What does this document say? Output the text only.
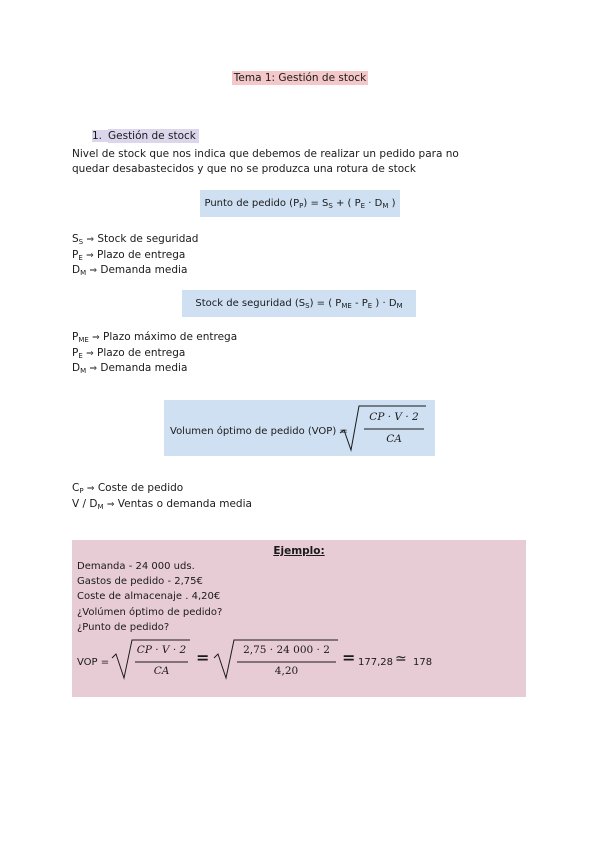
Tema 1: Gestión de stock
1. Gestión de stock
Nivel de stock que nos indica que debemos de realizar un pedido para no quedar desabastecidos y que no se produzca una rotura de stock
Punto de pedido $(P_P) = S_S$ + ( $P_E \cdot D_M$ )
$S_S$ ⇒ Stock de seguridad
$P_E$ ⇒ Plazo de entrega
$D_M$ ⇒ Demanda media
Stock de seguridad $(S_S)$ = ( $P_{ME} - P_E$ ) · $D_M$
$P_{ME}$ ⇒ Plazo máximo de entrega
$P_E$ ⇒ Plazo de entrega
$D_M$ ⇒ Demanda media
Volumen óptimo de pedido (VOP) =
CP · V · 2
CA
$C_P$ ⇒ Coste de pedido
V / $D_M$ ⇒ Ventas o demanda media
Ejemplo:
Demanda - 24 000 uds.
Gastos de pedido - 2,75€
Coste de almacenaje . 4,20€
¿Volúmen óptimo de pedido?
¿Punto de pedido?
VOP =
CP · V · 2
CA
=	2,75 · 24 000 · 2
4,20
= 177,28 ≃ 178
